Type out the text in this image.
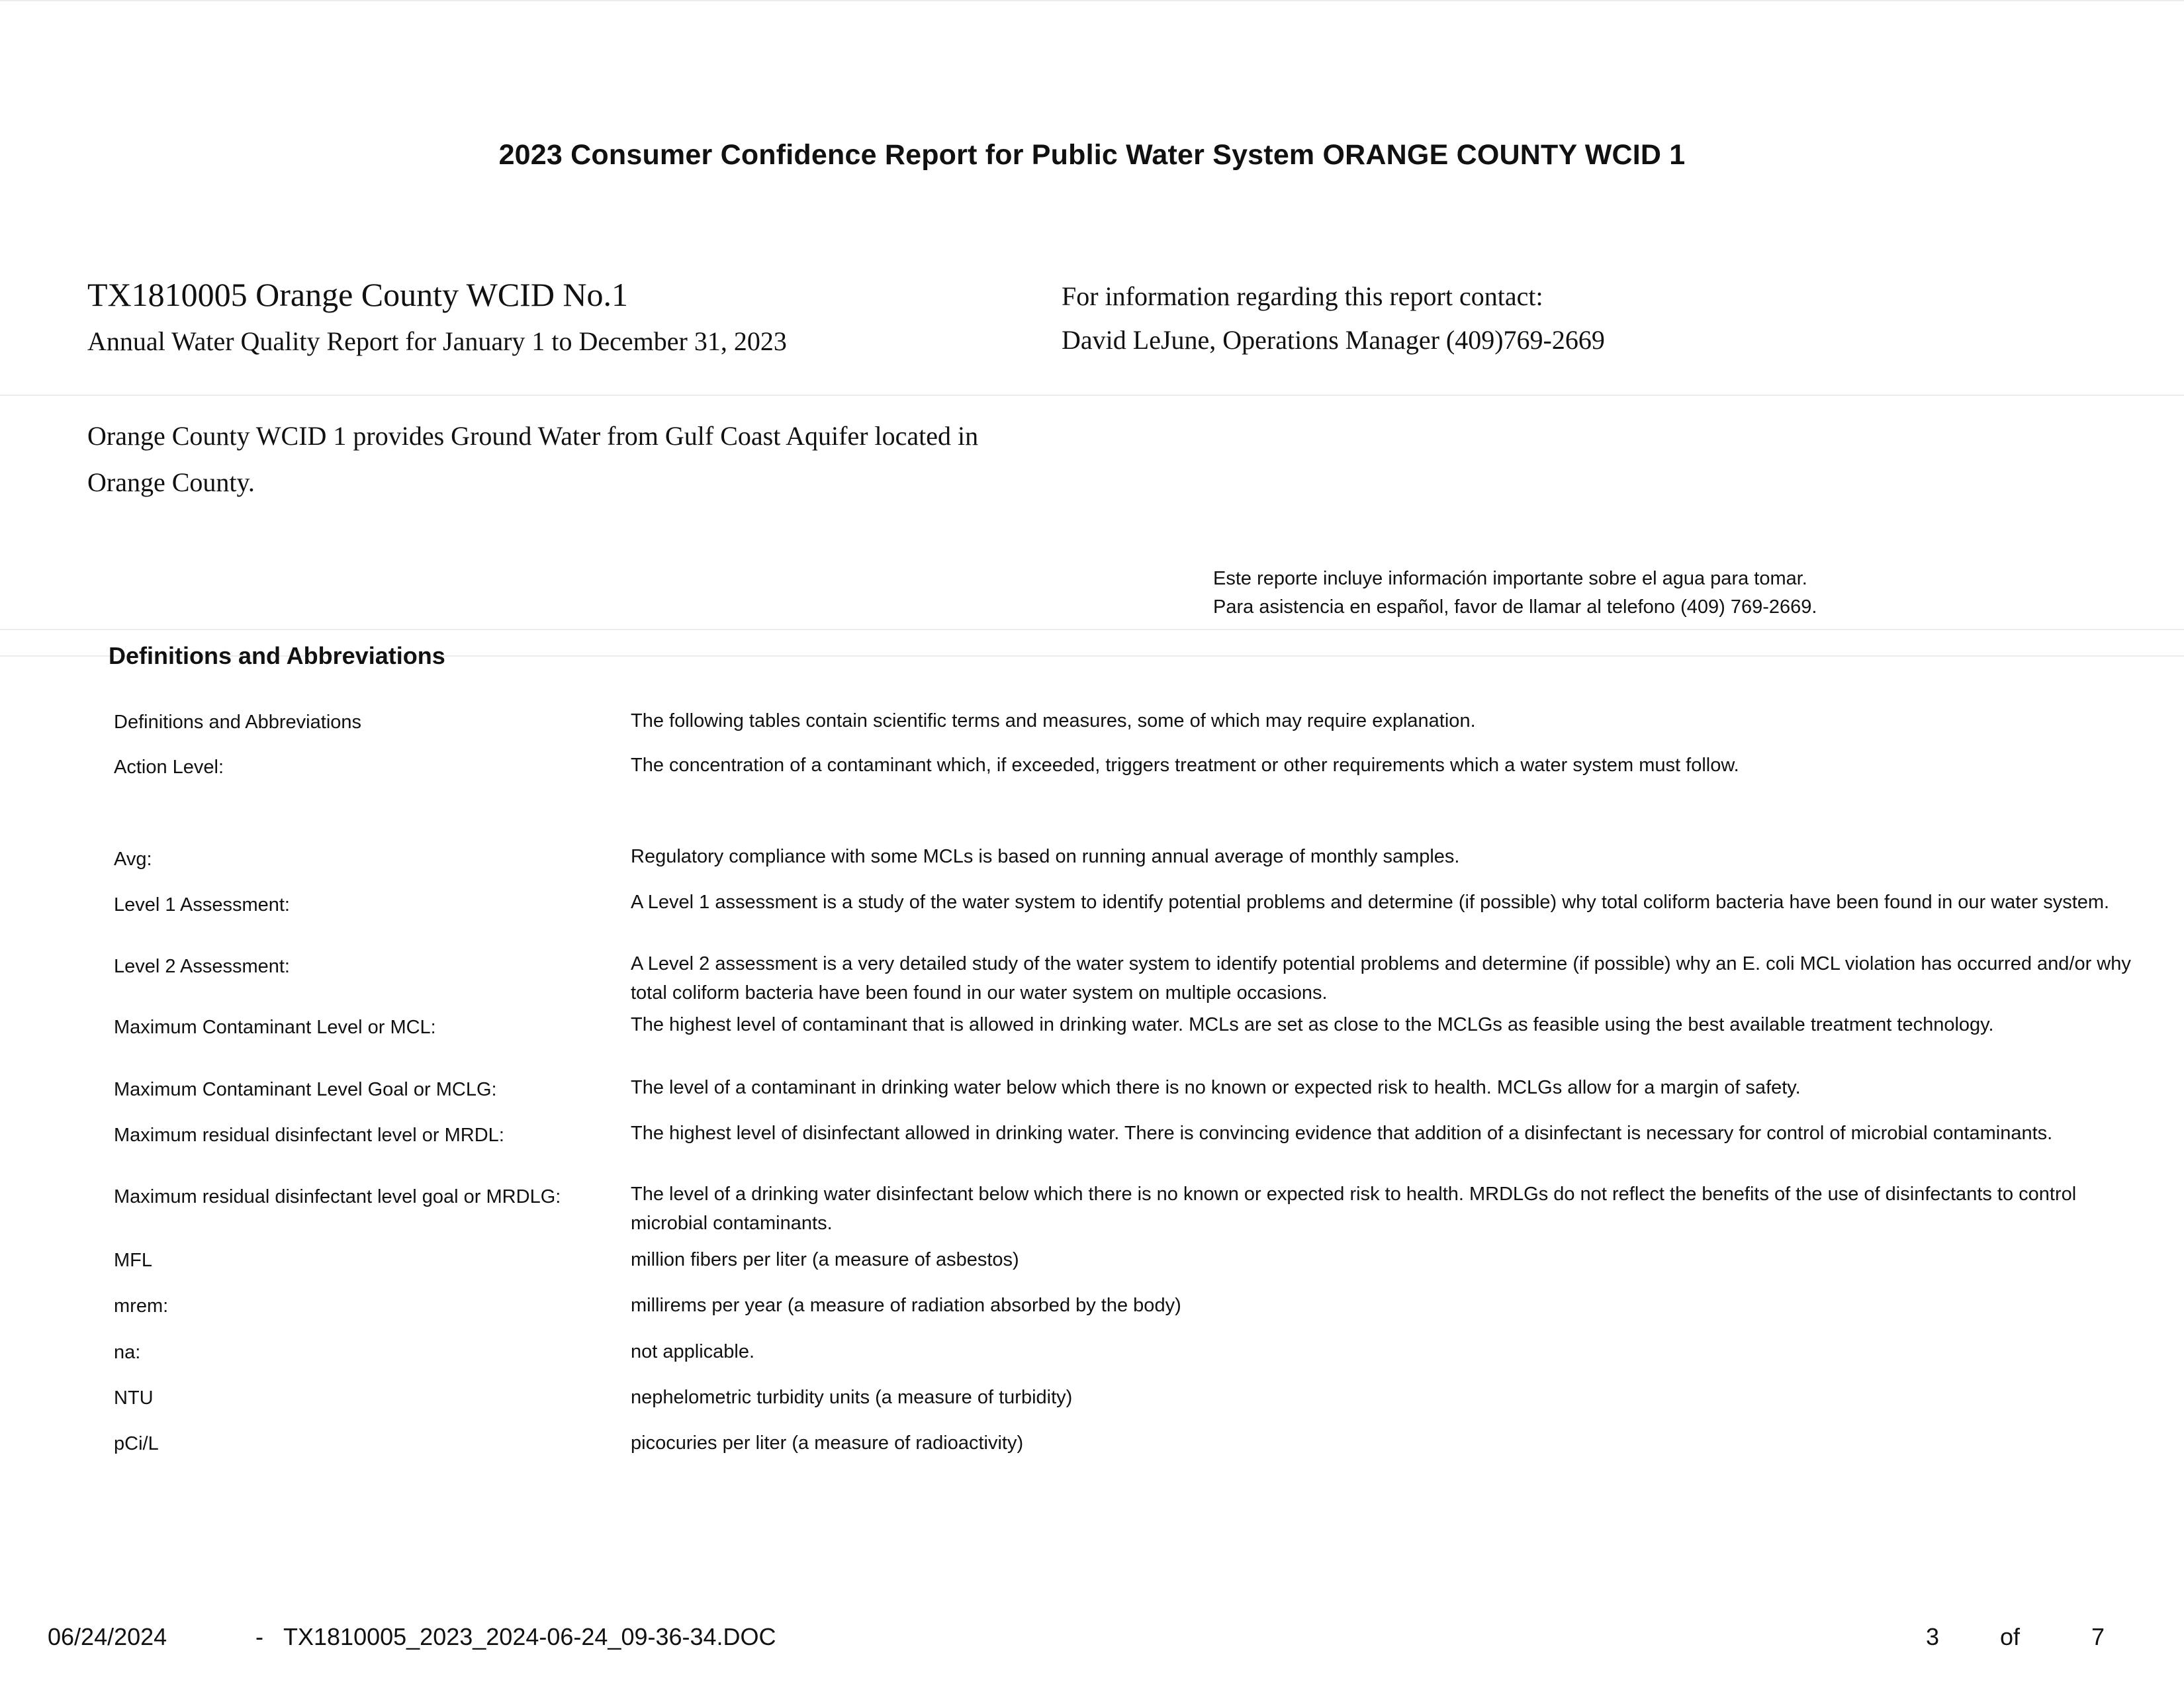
2023 Consumer Confidence Report for Public Water System ORANGE COUNTY WCID 1
TX1810005 Orange County WCID No.1
Annual Water Quality Report for January 1 to December 31, 2023
For information regarding this report contact:
David LeJune, Operations Manager (409)769-2669
Orange County WCID 1 provides Ground Water from Gulf Coast Aquifer located in Orange County.
Este reporte incluye información importante sobre el agua para tomar.
Para asistencia en español, favor de llamar al telefono (409) 769-2669.
Definitions and Abbreviations
Definitions and Abbreviations	The following tables contain scientific terms and measures, some of which may require explanation.
Action Level:	The concentration of a contaminant which, if exceeded, triggers treatment or other requirements which a water system must follow.
Avg:	Regulatory compliance with some MCLs is based on running annual average of monthly samples.
Level 1 Assessment:	A Level 1 assessment is a study of the water system to identify potential problems and determine (if possible) why total coliform bacteria have been found in our water system.
Level 2 Assessment:	A Level 2 assessment is a very detailed study of the water system to identify potential problems and determine (if possible) why an E. coli MCL violation has occurred and/or why total coliform bacteria have been found in our water system on multiple occasions.
Maximum Contaminant Level or MCL:	The highest level of contaminant that is allowed in drinking water. MCLs are set as close to the MCLGs as feasible using the best available treatment technology.
Maximum Contaminant Level Goal or MCLG:	The level of a contaminant in drinking water below which there is no known or expected risk to health. MCLGs allow for a margin of safety.
Maximum residual disinfectant level or MRDL:	The highest level of disinfectant allowed in drinking water. There is convincing evidence that addition of a disinfectant is necessary for control of microbial contaminants.
Maximum residual disinfectant level goal or MRDLG:	The level of a drinking water disinfectant below which there is no known or expected risk to health. MRDLGs do not reflect the benefits of the use of disinfectants to control microbial contaminants.
MFL	million fibers per liter (a measure of asbestos)
mrem:	millirems per year (a measure of radiation absorbed by the body)
na:	not applicable.
NTU	nephelometric turbidity units (a measure of turbidity)
pCi/L	picocuries per liter (a measure of radioactivity)
06/24/2024	- TX1810005_2023_2024-06-24_09-36-34.DOC	3	of	7
